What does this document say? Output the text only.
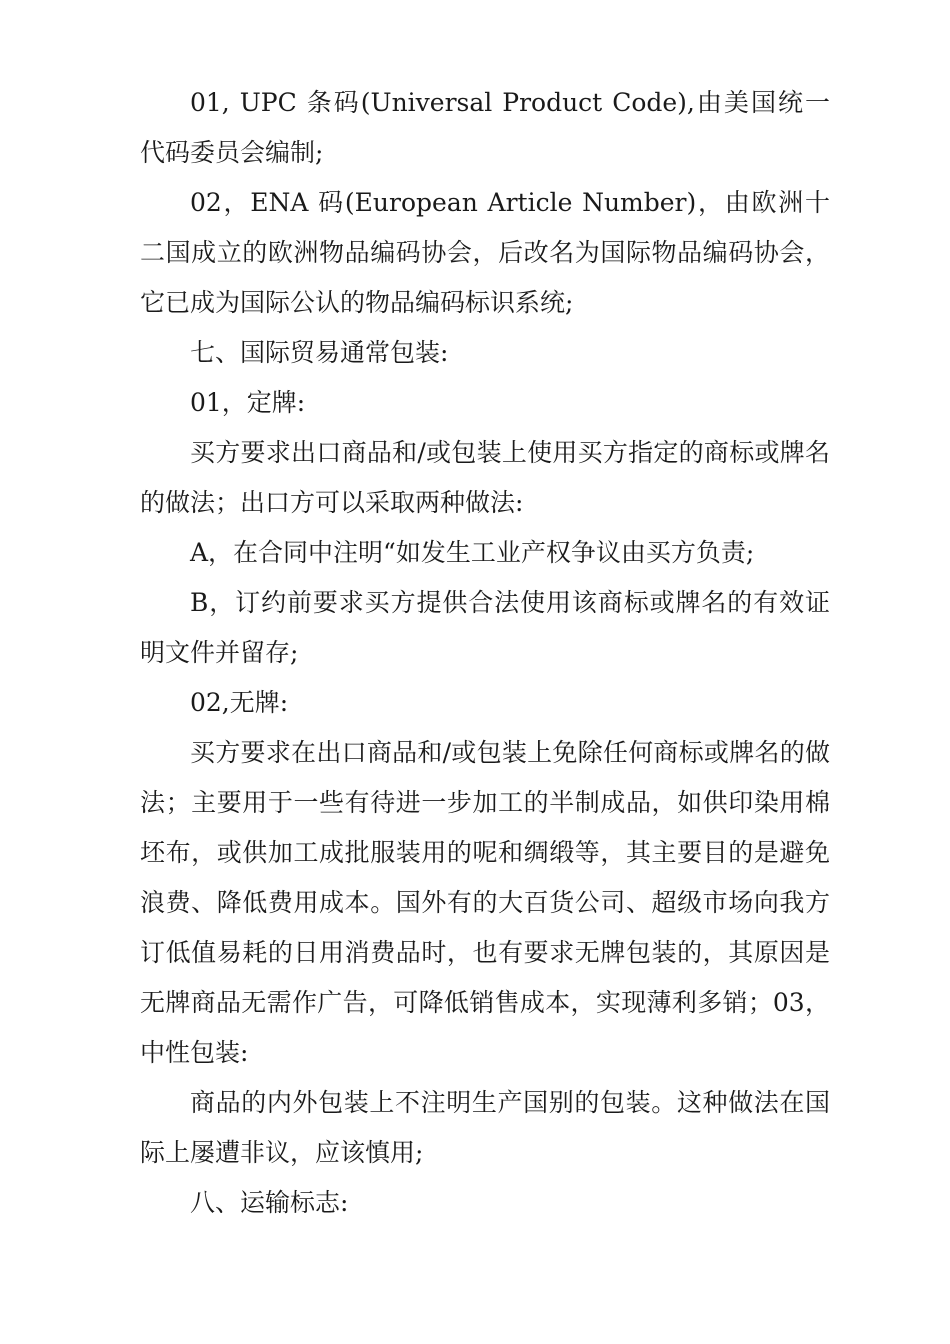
01, UPC 条码(Universal Product Code),由美国统一代码委员会编制;

02，ENA 码(European Article Number)，由欧洲十二国成立的欧洲物品编码协会，后改名为国际物品编码协会，它已成为国际公认的物品编码标识系统;

七、国际贸易通常包装:

01，定牌:

买方要求出口商品和/或包装上使用买方指定的商标或牌名的做法；出口方可以采取两种做法:

A，在合同中注明“如发生工业产权争议由买方负责;

B，订约前要求买方提供合法使用该商标或牌名的有效证明文件并留存;

02,无牌:

买方要求在出口商品和/或包装上免除任何商标或牌名的做法；主要用于一些有待进一步加工的半制成品，如供印染用棉坯布，或供加工成批服装用的呢和绸缎等，其主要目的是避免浪费、降低费用成本。国外有的大百货公司、超级市场向我方订低值易耗的日用消费品时，也有要求无牌包装的，其原因是无牌商品无需作广告，可降低销售成本，实现薄利多销；03，中性包装:

商品的内外包装上不注明生产国别的包装。这种做法在国际上屡遭非议，应该慎用;

八、运输标志:
